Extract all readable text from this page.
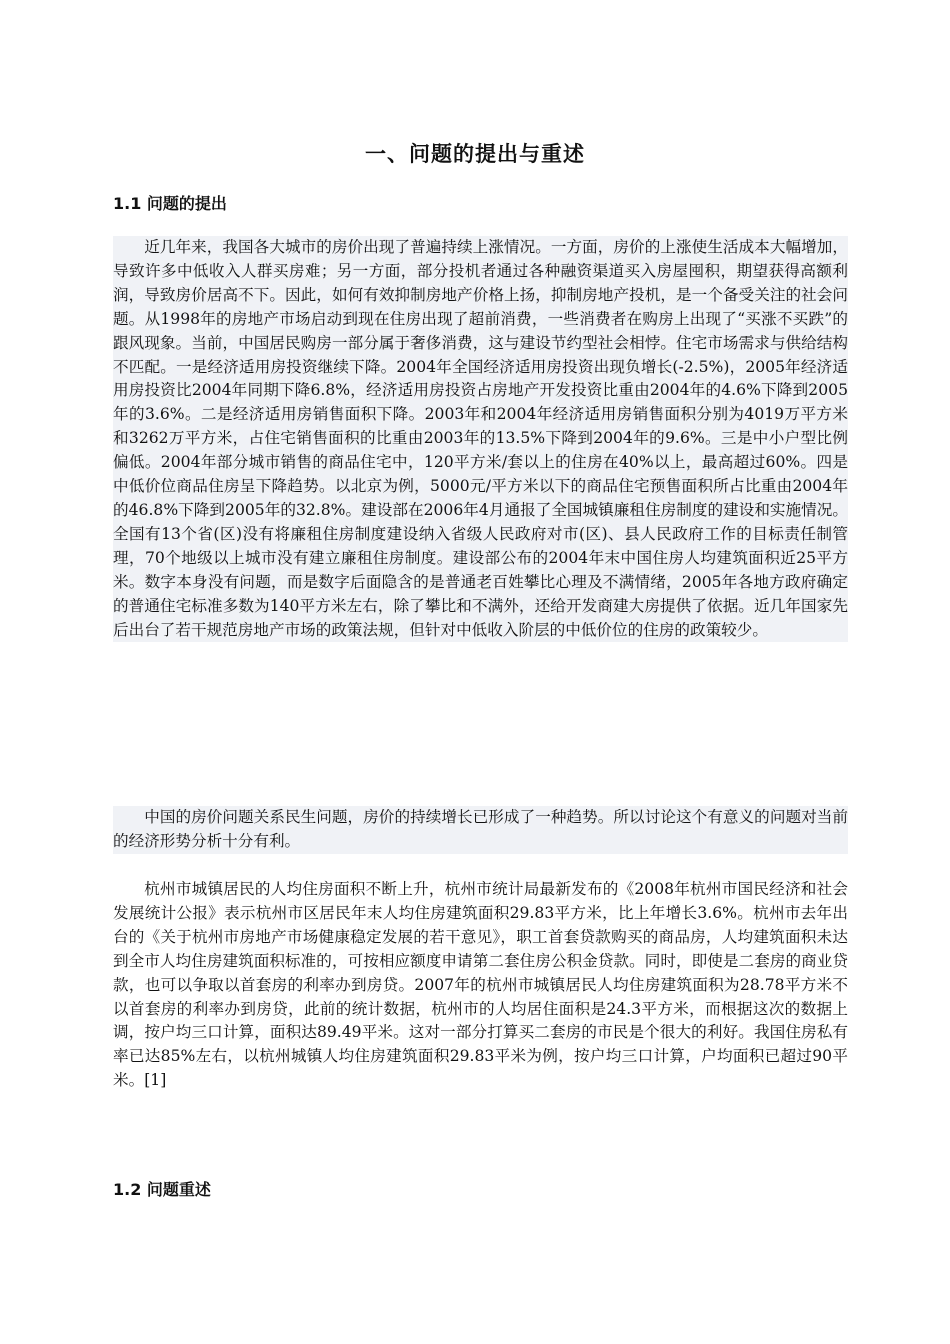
一、问题的提出与重述
1.1 问题的提出

近几年来，我国各大城市的房价出现了普遍持续上涨情况。一方面，房价的上涨使生活成本大幅增加，导致许多中低收入人群买房难；另一方面，部分投机者通过各种融资渠道买入房屋囤积，期望获得高额利润，导致房价居高不下。因此，如何有效抑制房地产价格上扬，抑制房地产投机，是一个备受关注的社会问题。从1998年的房地产市场启动到现在住房出现了超前消费，一些消费者在购房上出现了“买涨不买跌”的跟风现象。当前，中国居民购房一部分属于奢侈消费，这与建设节约型社会相悖。住宅市场需求与供给结构不匹配。一是经济适用房投资继续下降。2004年全国经济适用房投资出现负增长(-2.5%)，2005年经济适用房投资比2004年同期下降6.8%，经济适用房投资占房地产开发投资比重由2004年的4.6%下降到2005年的3.6%。二是经济适用房销售面积下降。2003年和2004年经济适用房销售面积分别为4019万平方米和3262万平方米，占住宅销售面积的比重由2003年的13.5%下降到2004年的9.6%。三是中小户型比例偏低。2004年部分城市销售的商品住宅中，120平方米/套以上的住房在40%以上，最高超过60%。四是中低价位商品住房呈下降趋势。以北京为例，5000元/平方米以下的商品住宅预售面积所占比重由2004年的46.8%下降到2005年的32.8%。建设部在2006年4月通报了全国城镇廉租住房制度的建设和实施情况。全国有13个省(区)没有将廉租住房制度建设纳入省级人民政府对市(区)、县人民政府工作的目标责任制管理，70个地级以上城市没有建立廉租住房制度。建设部公布的2004年末中国住房人均建筑面积近25平方米。数字本身没有问题，而是数字后面隐含的是普通老百姓攀比心理及不满情绪，2005年各地方政府确定的普通住宅标准多数为140平方米左右，除了攀比和不满外，还给开发商建大房提供了依据。近几年国家先后出台了若干规范房地产市场的政策法规，但针对中低收入阶层的中低价位的住房的政策较少。

中国的房价问题关系民生问题，房价的持续增长已形成了一种趋势。所以讨论这个有意义的问题对当前的经济形势分析十分有利。

杭州市城镇居民的人均住房面积不断上升，杭州市统计局最新发布的《2008年杭州市国民经济和社会发展统计公报》表示杭州市区居民年末人均住房建筑面积29.83平方米，比上年增长3.6%。杭州市去年出台的《关于杭州市房地产市场健康稳定发展的若干意见》，职工首套贷款购买的商品房，人均建筑面积未达到全市人均住房建筑面积标准的，可按相应额度申请第二套住房公积金贷款。同时，即使是二套房的商业贷款，也可以争取以首套房的利率办到房贷。2007年的杭州市城镇居民人均住房建筑面积为28.78平方米不以首套房的利率办到房贷，此前的统计数据，杭州市的人均居住面积是24.3平方米，而根据这次的数据上调，按户均三口计算，面积达89.49平米。这对一部分打算买二套房的市民是个很大的利好。我国住房私有率已达85%左右，以杭州城镇人均住房建筑面积29.83平米为例，按户均三口计算，户均面积已超过90平米。[1]

1.2 问题重述
